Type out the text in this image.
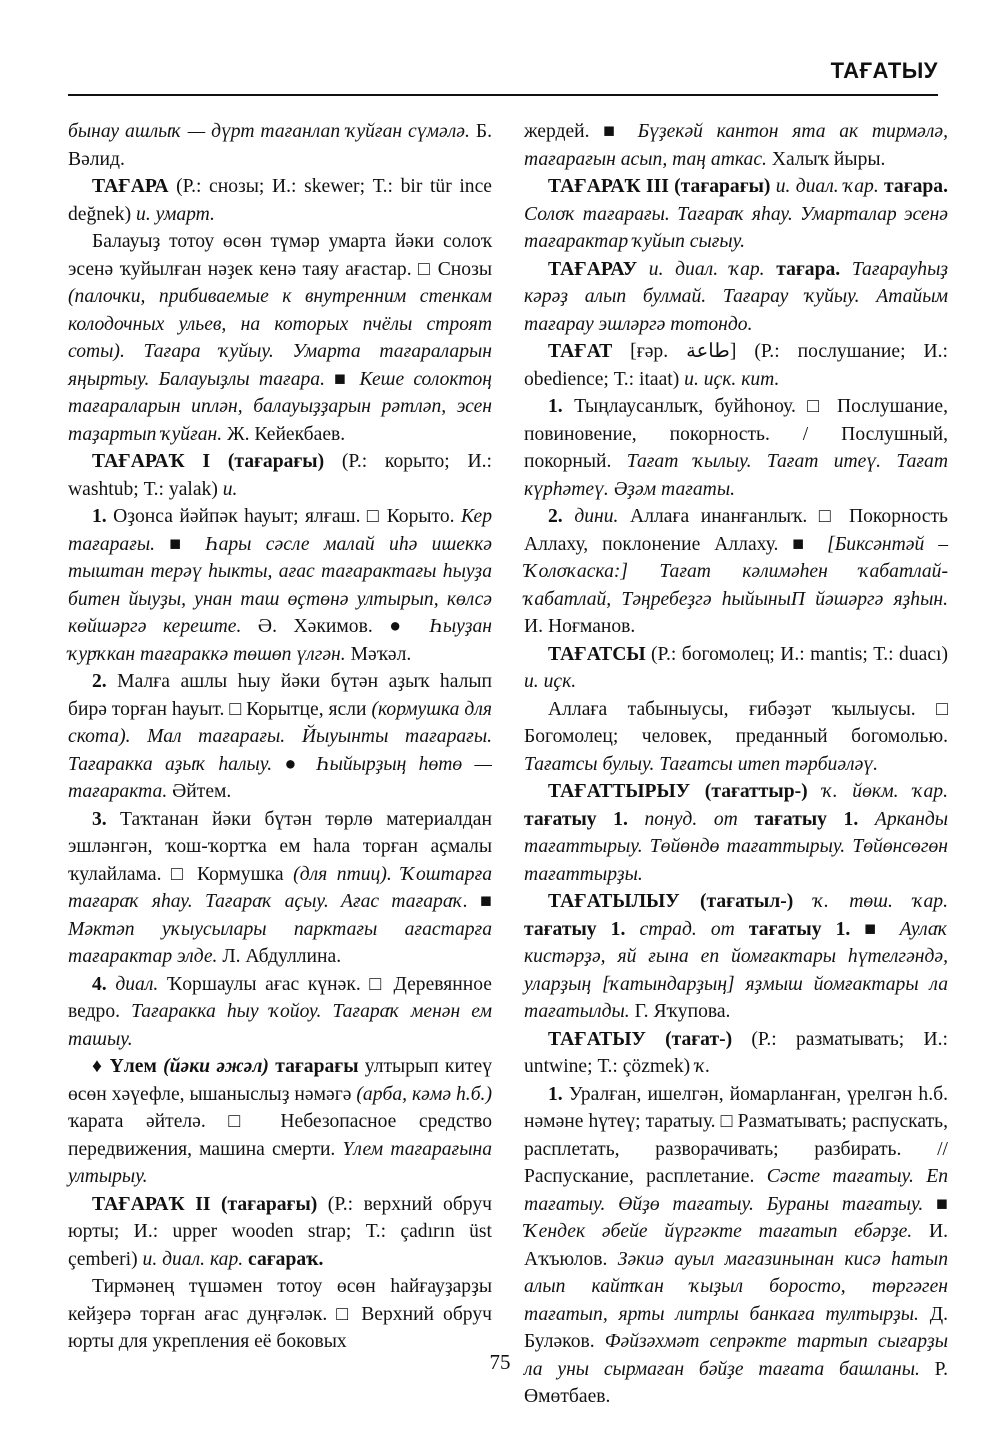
ТАҒАТЫУ

бынау ашлыҡ — дүрт тағанлап ҡуйған сүмәлә. Б. Вәлид.

ТАҒАРА (Р.: снозы; И.: skewer; Т.: bir tür ince değnek) и. умарт.

Балауыҙ тотоу өсөн түмәр умарта йәки солоҡ эсенә ҡуйылған нәҙек кенә таяу ағастар. □ Снозы (палочки, прибиваемые к внутренним стенкам колодочных ульев, на которых пчёлы строят соты). Тағара ҡуйыу. Умарта тағараларын яңыртыу. Балауыҙлы тағара. ■ Кеше солоктоң тағараларын иплән, балауыҙҙарын рәтләп, эсен таҙартып ҡуйған. Ж. Кейекбаев.

ТАҒАРАҠ I (тағарағы) (Р.: корыто; И.: washtub; Т.: yalak) и.

1. Оҙонса йәйпәк һауыт; ялғаш. □ Корыто. Кер тағарағы. ■ Һары сәсле малай иһә ишеккә тыштан терәү һыкты, ағас тағарактағы һыуҙа битен йыуҙы, унан таш өҫтөнә ултырып, көлсә көйшәргә кереште. Ә. Хәкимов. ● Һыуҙан ҡурҡкан тағараккә төшөп үлгән. Мәҡәл.

2. Малға ашлы һыу йәки бүтән аҙыҡ һалып бирә торған һауыт. □ Корытце, ясли (кормушка для скота). Мал тағарағы. Йыуынты тағарағы. Тағаракка аҙыҡ һалыу. ● Һыйырҙың һөтө — тағаракта. Әйтем.

3. Таҡтанан йәки бүтән төрлө материалдан эшләнгән, ҡош-ҡортҡа ем һала торған аҫмалы ҡулайлама. □ Кормушка (для птиц). Ҡоштарға тағараҡ яһау. Тағараҡ аҫыу. Ағас тағараҡ. ■ Мәктәп уҡыусылары парктағы ағастарға тағарактар элде. Л. Абдуллина.

4. диал. Ҡоршаулы ағас күнәк. □ Деревянное ведро. Тағаракка һыу ҡойоу. Тағараҡ менән ем ташыу.

♦ Үлем (йәки әжәл) тағарағы ултырып китеү өсөн хәүефле, ышаныслыҙ нәмәгә (арба, кәмә һ.б.) ҡарата әйтелә. □ Небезопасное средство передвижения, машина смерти. Үлем тағарағына ултырыу.

ТАҒАРАҠ II (тағарағы) (Р.: верхний обруч юрты; И.: upper wooden strap; Т.: çadırın üst çemberi) и. диал. кар. сағараҡ.

Тирмәнең түшәмен тотоу өсөн һайғауҙарҙы кейҙерә торған ағас дуңғәләк. □ Верхний обруч юрты для укрепления её боковых

жердей. ■ Бүҙекәй кантон ята ак тирмәлә, тағарағын асып, таң аткас. Халыҡ йыры.

ТАҒАРАҠ III (тағарағы) и. диал. ҡар. тағара. Солоҡ тағарағы. Тағараҡ яһау. Умарталар эсенә тағарактар ҡуйып сығыу.

ТАҒАРАУ и. диал. ҡар. тағара. Тағарауһыҙ кәрәҙ алып булмай. Тағарау ҡуйыу. Атайым тағарау эшләргә тотондо.

ТАҒАТ [ғәр. طاعة] (Р.: послушание; И.: obedience; Т.: itaat) и. иҫк. кит.

1. Тыңлаусанлыҡ, буйһоноу. □ Послушание, повиновение, покорность. / Послушный, покорный. Тағат ҡылыу. Тағат итеү. Тағат күрһәтеү. Әҙәм тағаты.

2. дини. Аллаға инанғанлыҡ. □ Покорность Аллаху, поклонение Аллаху. ■ [Биксәнтәй – Ҡолоҡаска:] Тағат кәлимәһен ҡабатлай-ҡабатлай, Тәңребеҙгә һыйыныП йәшәргә яҙһын. И. Ноғманов.

ТАҒАТСЫ (Р.: богомолец; И.: mantis; Т.: duacı) и. иҫк.

Аллаға табыныусы, ғибәҙәт ҡылыусы. □ Богомолец; человек, преданный богомолью. Тағатсы булыу. Тағатсы итеп тәрбиәләү.

ТАҒАТТЫРЫУ (тағаттыр-) ҡ. йөкм. ҡар. тағатыу 1. понуд. от тағатыу 1. Арканды тағаттырыу. Төйөндө тағаттырыу. Төйөнсөгөн тағаттырҙы.

ТАҒАТЫЛЫУ (тағатыл-) ҡ. төш. ҡар. тағатыу 1. страд. от тағатыу 1. ■ Аулаҡ кистәрҙә, яй ғына еп йомғактары һүтелгәндә, уларҙың [ҡатындарҙың] яҙмыш йомғактары ла тағатылды. Г. Яҡупова.

ТАҒАТЫУ (тағат-) (Р.: разматывать; И.: untwine; Т.: çözmek) ҡ.

1. Уралған, ишелгән, йомарланған, үрелгән һ.б. нәмәне һүтеү; таратыу. □ Разматывать; распускать, расплетать, разворачивать; разбирать. // Распускание, расплетание. Сәсте тағатыу. Еп тағатыу. Өйҙө тағатыу. Бураны тағатыу. ■ Ҡендек әбейе йүргәкте тағатып ебәрҙе. И. Аҡъюлов. Зәкиә ауыл магазинынан кисә һатып алып кайтҡан ҡыҙыл боросто, төргәген тағатып, ярты литрлы банкаға тултырҙы. Д. Буләков. Фәйзәхмәт сепрәкте тартып сығарҙы ла уны сырмаған бәйҙе тағата башланы. Р. Өмөтбаев.

75
